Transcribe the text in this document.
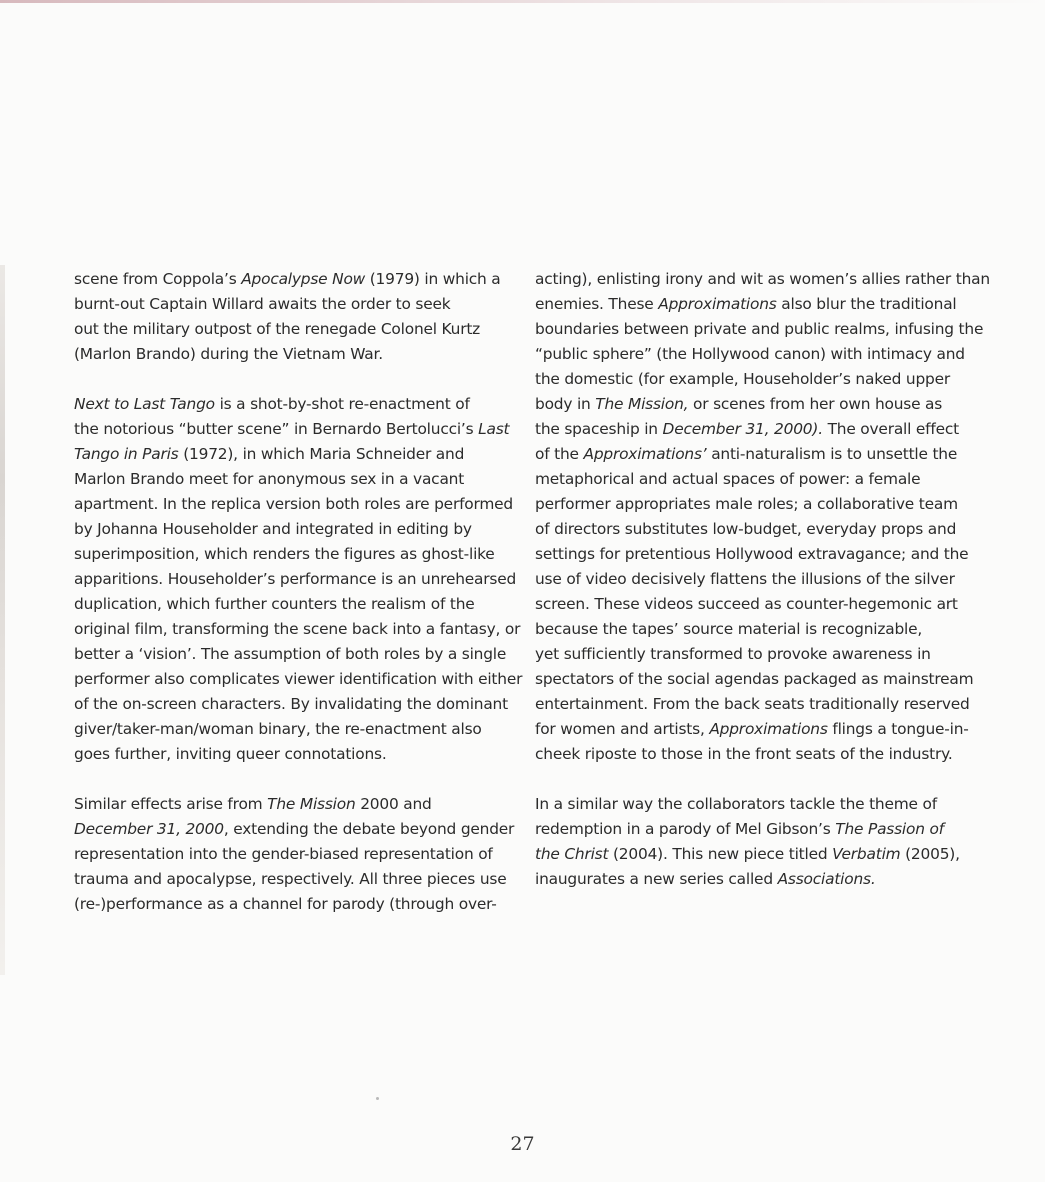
scene from Coppola’s Apocalypse Now (1979) in which a
burnt-out Captain Willard awaits the order to seek
out the military outpost of the renegade Colonel Kurtz
(Marlon Brando) during the Vietnam War.

Next to Last Tango is a shot-by-shot re-enactment of
the notorious “butter scene” in Bernardo Bertolucci’s Last
Tango in Paris (1972), in which Maria Schneider and
Marlon Brando meet for anonymous sex in a vacant
apartment. In the replica version both roles are performed
by Johanna Householder and integrated in editing by
superimposition, which renders the figures as ghost-like
apparitions. Householder’s performance is an unrehearsed
duplication, which further counters the realism of the
original film, transforming the scene back into a fantasy, or
better a ‘vision’. The assumption of both roles by a single
performer also complicates viewer identification with either
of the on-screen characters. By invalidating the dominant
giver/taker-man/woman binary, the re-enactment also
goes further, inviting queer connotations.

Similar effects arise from The Mission 2000 and
December 31, 2000, extending the debate beyond gender
representation into the gender-biased representation of
trauma and apocalypse, respectively. All three pieces use
(re-)performance as a channel for parody (through over-

acting), enlisting irony and wit as women’s allies rather than
enemies. These Approximations also blur the traditional
boundaries between private and public realms, infusing the
“public sphere” (the Hollywood canon) with intimacy and
the domestic (for example, Householder’s naked upper
body in The Mission, or scenes from her own house as
the spaceship in December 31, 2000). The overall effect
of the Approximations’ anti-naturalism is to unsettle the
metaphorical and actual spaces of power: a female
performer appropriates male roles; a collaborative team
of directors substitutes low-budget, everyday props and
settings for pretentious Hollywood extravagance; and the
use of video decisively flattens the illusions of the silver
screen. These videos succeed as counter-hegemonic art
because the tapes’ source material is recognizable,
yet sufficiently transformed to provoke awareness in
spectators of the social agendas packaged as mainstream
entertainment. From the back seats traditionally reserved
for women and artists, Approximations flings a tongue-in-
cheek riposte to those in the front seats of the industry.

In a similar way the collaborators tackle the theme of
redemption in a parody of Mel Gibson’s The Passion of
the Christ (2004). This new piece titled Verbatim (2005),
inaugurates a new series called Associations.

27
